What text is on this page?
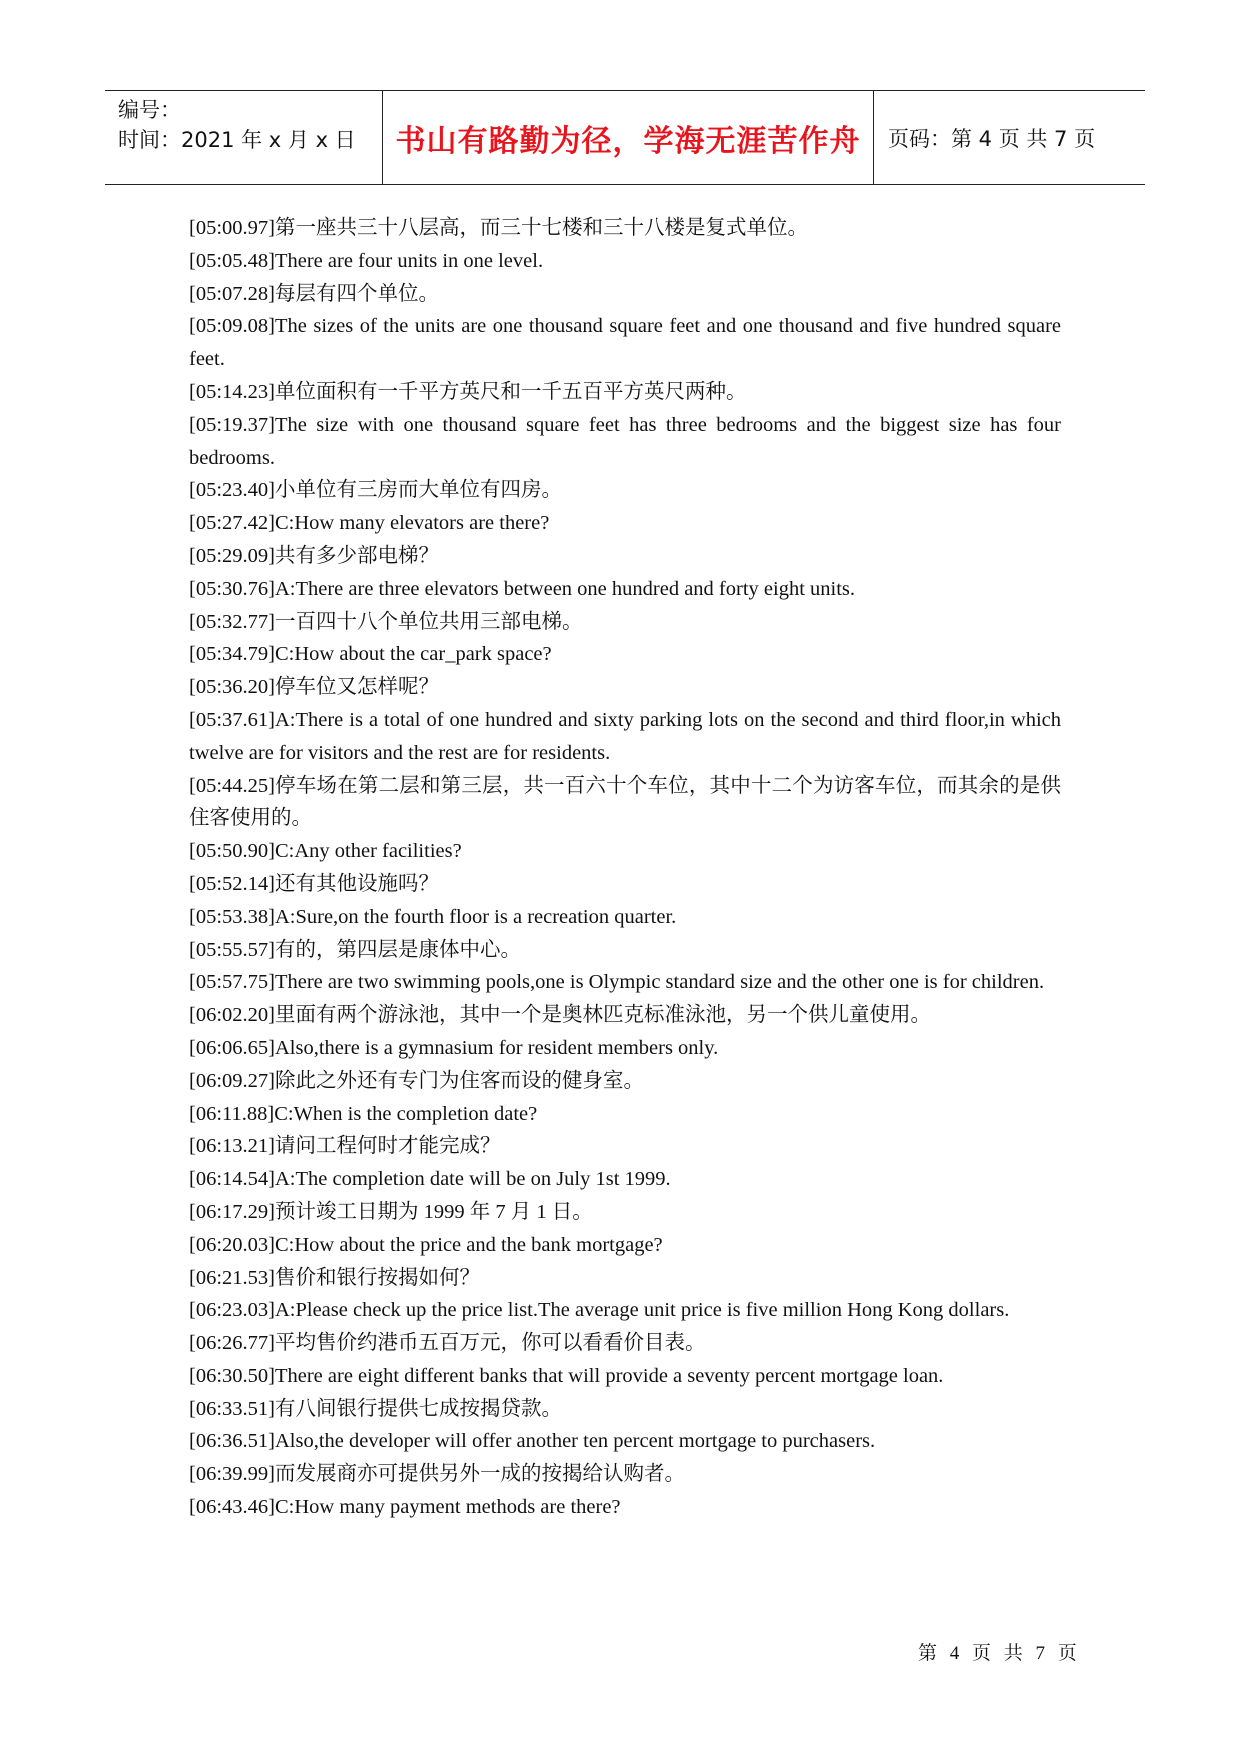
编号：
时间：2021 年 x 月 x 日	书山有路勤为径，学海无涯苦作舟 页码：第 4 页 共 7 页

[05:00.97]第一座共三十八层高，而三十七楼和三十八楼是复式单位。

[05:05.48]There are four units in one level.

[05:07.28]每层有四个单位。

[05:09.08]The sizes of the units are one thousand square feet and one thousand and five hundred square feet.

[05:14.23]单位面积有一千平方英尺和一千五百平方英尺两种。

[05:19.37]The size with one thousand square feet has three bedrooms and the biggest size has four bedrooms.

[05:23.40]小单位有三房而大单位有四房。

[05:27.42]C:How many elevators are there?

[05:29.09]共有多少部电梯？

[05:30.76]A:There are three elevators between one hundred and forty eight units.

[05:32.77]一百四十八个单位共用三部电梯。

[05:34.79]C:How about the car_park space?

[05:36.20]停车位又怎样呢？

[05:37.61]A:There is a total of one hundred and sixty parking lots on the second and third floor,in which twelve are for visitors and the rest are for residents.

[05:44.25]停车场在第二层和第三层，共一百六十个车位，其中十二个为访客车位，而其余的是供住客使用的。

[05:50.90]C:Any other facilities?

[05:52.14]还有其他设施吗？

[05:53.38]A:Sure,on the fourth floor is a recreation quarter.

[05:55.57]有的，第四层是康体中心。

[05:57.75]There are two swimming pools,one is Olympic standard size and the other one is for children.

[06:02.20]里面有两个游泳池，其中一个是奥林匹克标准泳池，另一个供儿童使用。

[06:06.65]Also,there is a gymnasium for resident members only.

[06:09.27]除此之外还有专门为住客而设的健身室。

[06:11.88]C:When is the completion date?

[06:13.21]请问工程何时才能完成？

[06:14.54]A:The completion date will be on July 1st 1999.

[06:17.29]预计竣工日期为 1999 年 7 月 1 日。

[06:20.03]C:How about the price and the bank mortgage?

[06:21.53]售价和银行按揭如何？

[06:23.03]A:Please check up the price list.The average unit price is five million Hong Kong dollars.

[06:26.77]平均售价约港币五百万元，你可以看看价目表。

[06:30.50]There are eight different banks that will provide a seventy percent mortgage loan.

[06:33.51]有八间银行提供七成按揭贷款。

[06:36.51]Also,the developer will offer another ten percent mortgage to purchasers.

[06:39.99]而发展商亦可提供另外一成的按揭给认购者。

[06:43.46]C:How many payment methods are there?

第 4 页 共 7 页
